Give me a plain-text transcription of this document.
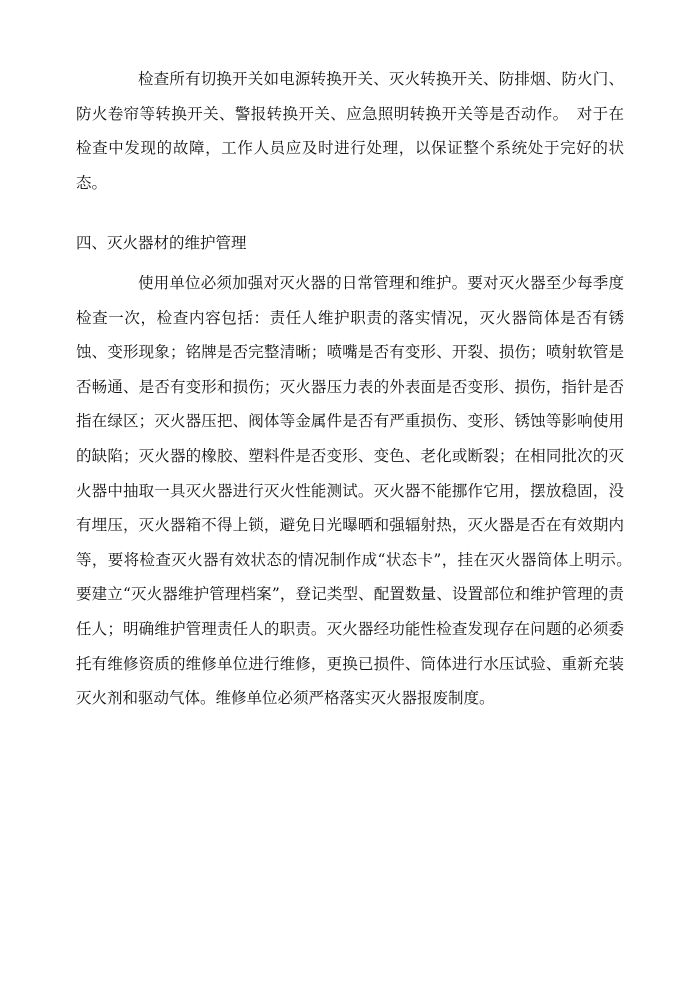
检查所有切换开关如电源转换开关、灭火转换开关、防排烟、防火门、防火卷帘等转换开关、警报转换开关、应急照明转换开关等是否动作。　对于在检查中发现的故障，工作人员应及时进行处理，以保证整个系统处于完好的状态。

四、灭火器材的维护管理

使用单位必须加强对灭火器的日常管理和维护。要对灭火器至少每季度检查一次，检查内容包括：责任人维护职责的落实情况，灭火器筒体是否有锈蚀、变形现象；铭牌是否完整清晰；喷嘴是否有变形、开裂、损伤；喷射软管是否畅通、是否有变形和损伤；灭火器压力表的外表面是否变形、损伤，指针是否指在绿区；灭火器压把、阀体等金属件是否有严重损伤、变形、锈蚀等影响使用的缺陷；灭火器的橡胶、塑料件是否变形、变色、老化或断裂；在相同批次的灭火器中抽取一具灭火器进行灭火性能测试。灭火器不能挪作它用，摆放稳固，没有埋压，灭火器箱不得上锁，避免日光曝晒和强辐射热，灭火器是否在有效期内等，要将检查灭火器有效状态的情况制作成“状态卡”，挂在灭火器筒体上明示。　要建立“灭火器维护管理档案”，登记类型、配置数量、设置部位和维护管理的责任人；明确维护管理责任人的职责。灭火器经功能性检查发现存在问题的必须委托有维修资质的维修单位进行维修，更换已损件、筒体进行水压试验、重新充装灭火剂和驱动气体。维修单位必须严格落实灭火器报废制度。
